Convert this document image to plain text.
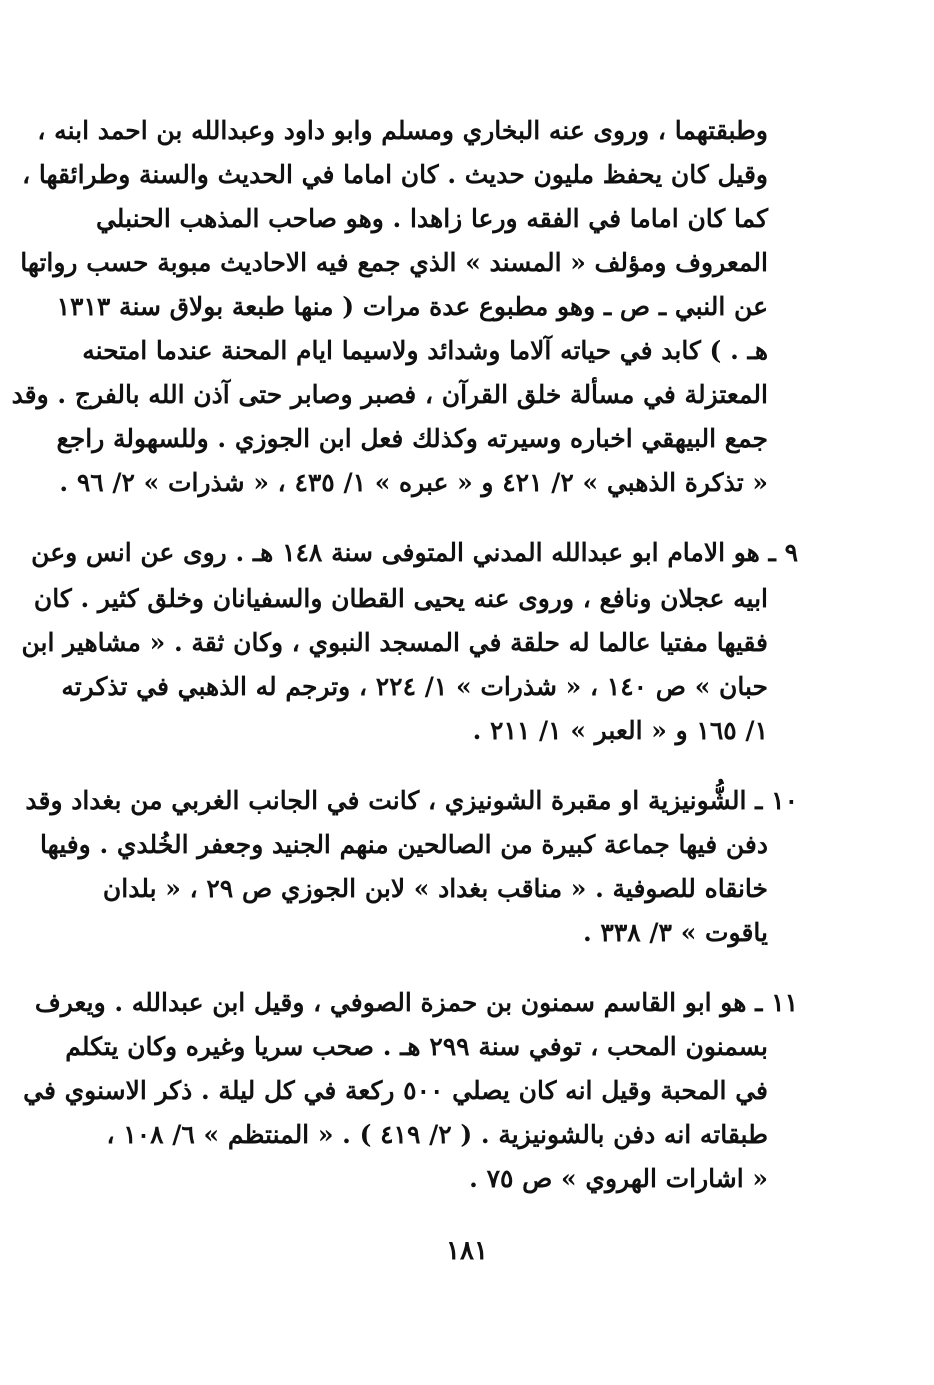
وطبقتهما ، وروى عنه البخاري ومسلم وابو داود وعبدالله بن احمد ابنه ،
وقيل كان يحفظ مليون حديث . كان اماما في الحديث والسنة وطرائقها ،
كما كان اماما في الفقه ورعا زاهدا . وهو صاحب المذهب الحنبلي
المعروف ومؤلف « المسند » الذي جمع فيه الاحاديث مبوبة حسب رواتها
عن النبي ـ ص ـ وهو مطبوع عدة مرات ( منها طبعة بولاق سنة ١٣١٣
هـ . ) كابد في حياته آلاما وشدائد ولاسيما ايام المحنة عندما امتحنه
المعتزلة في مسألة خلق القرآن ، فصبر وصابر حتى آذن الله بالفرج . وقد
جمع البيهقي اخباره وسيرته وكذلك فعل ابن الجوزي . وللسهولة راجع
« تذكرة الذهبي » ٢/ ٤٢١ و « عبره » ١/ ٤٣٥ ، « شذرات » ٢/ ٩٦ .
٩ ـ هو الامام ابو عبدالله المدني المتوفى سنة ١٤٨ هـ . روى عن انس وعن
ابيه عجلان ونافع ، وروى عنه يحيى القطان والسفيانان وخلق كثير . كان
فقيها مفتيا عالما له حلقة في المسجد النبوي ، وكان ثقة . « مشاهير ابن
حبان » ص ١٤٠ ، « شذرات » ١/ ٢٢٤ ، وترجم له الذهبي في تذكرته
١/ ١٦٥ و « العبر » ١/ ٢١١ .
١٠ ـ الشُّونيزية او مقبرة الشونيزي ، كانت في الجانب الغربي من بغداد وقد
دفن فيها جماعة كبيرة من الصالحين منهم الجنيد وجعفر الخُلدي . وفيها
خانقاه للصوفية . « مناقب بغداد » لابن الجوزي ص ٢٩ ، « بلدان
ياقوت » ٣/ ٣٣٨ .
١١ ـ هو ابو القاسم سمنون بن حمزة الصوفي ، وقيل ابن عبدالله . ويعرف
بسمنون المحب ، توفي سنة ٢٩٩ هـ . صحب سريا وغيره وكان يتكلم
في المحبة وقيل انه كان يصلي ٥٠٠ ركعة في كل ليلة . ذكر الاسنوي في
طبقاته انه دفن بالشونيزية . ( ٢/ ٤١٩ ) . « المنتظم » ٦/ ١٠٨ ،
« اشارات الهروي » ص ٧٥ .
١٨١
